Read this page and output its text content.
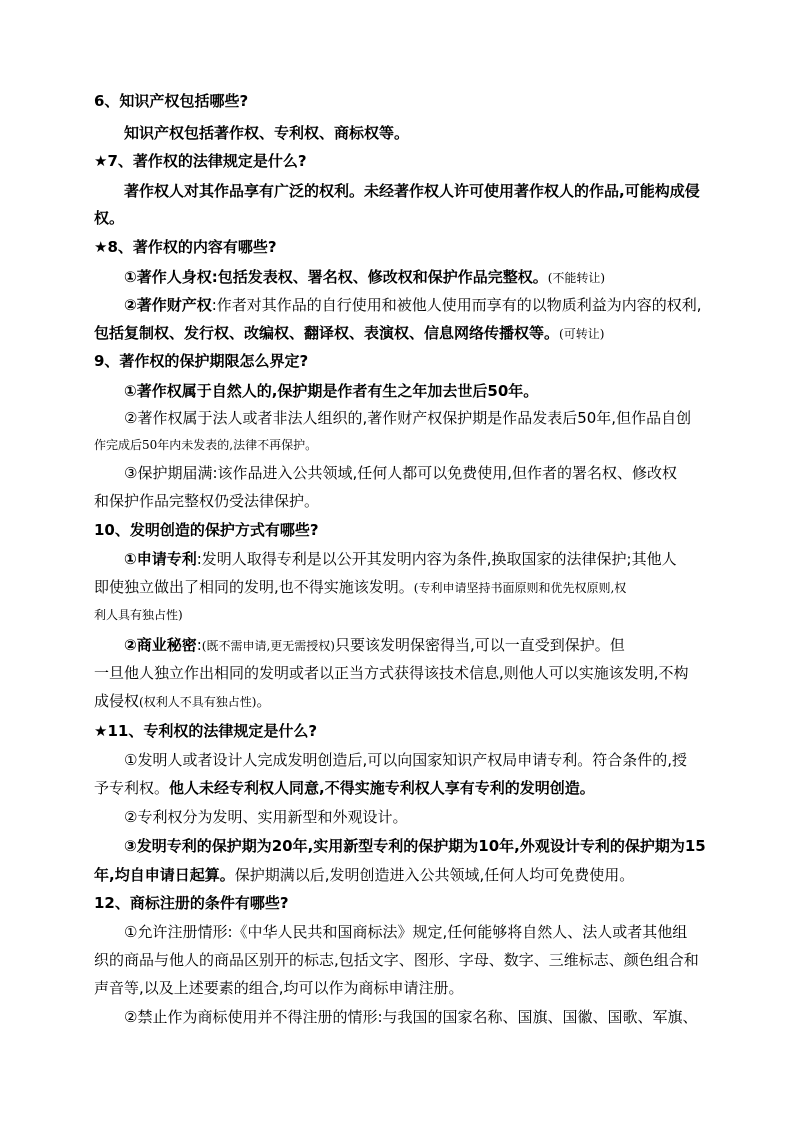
6、知识产权包括哪些?
知识产权包括著作权、专利权、商标权等。
★7、著作权的法律规定是什么?
著作权人对其作品享有广泛的权利。未经著作权人许可使用著作权人的作品,可能构成侵
权。
★8、著作权的内容有哪些?
①著作人身权:包括发表权、署名权、修改权和保护作品完整权。(不能转让)
②著作财产权:作者对其作品的自行使用和被他人使用而享有的以物质利益为内容的权利,
包括复制权、发行权、改编权、翻译权、表演权、信息网络传播权等。(可转让)
9、著作权的保护期限怎么界定?
①著作权属于自然人的,保护期是作者有生之年加去世后50年。
②著作权属于法人或者非法人组织的,著作财产权保护期是作品发表后50年,但作品自创
作完成后50年内未发表的,法律不再保护。
③保护期届满:该作品进入公共领域,任何人都可以免费使用,但作者的署名权、修改权
和保护作品完整权仍受法律保护。
10、发明创造的保护方式有哪些?
①申请专利:发明人取得专利是以公开其发明内容为条件,换取国家的法律保护;其他人
即使独立做出了相同的发明,也不得实施该发明。(专利申请坚持书面原则和优先权原则,权
利人具有独占性)
②商业秘密:(既不需申请,更无需授权)只要该发明保密得当,可以一直受到保护。但
一旦他人独立作出相同的发明或者以正当方式获得该技术信息,则他人可以实施该发明,不构
成侵权(权利人不具有独占性)。
★11、专利权的法律规定是什么?
①发明人或者设计人完成发明创造后,可以向国家知识产权局申请专利。符合条件的,授
予专利权。他人未经专利权人同意,不得实施专利权人享有专利的发明创造。
②专利权分为发明、实用新型和外观设计。
③发明专利的保护期为20年,实用新型专利的保护期为10年,外观设计专利的保护期为15
年,均自申请日起算。保护期满以后,发明创造进入公共领域,任何人均可免费使用。
12、商标注册的条件有哪些?
①允许注册情形:《中华人民共和国商标法》规定,任何能够将自然人、法人或者其他组
织的商品与他人的商品区别开的标志,包括文字、图形、字母、数字、三维标志、颜色组合和
声音等,以及上述要素的组合,均可以作为商标申请注册。
②禁止作为商标使用并不得注册的情形:与我国的国家名称、国旗、国徽、国歌、军旗、
